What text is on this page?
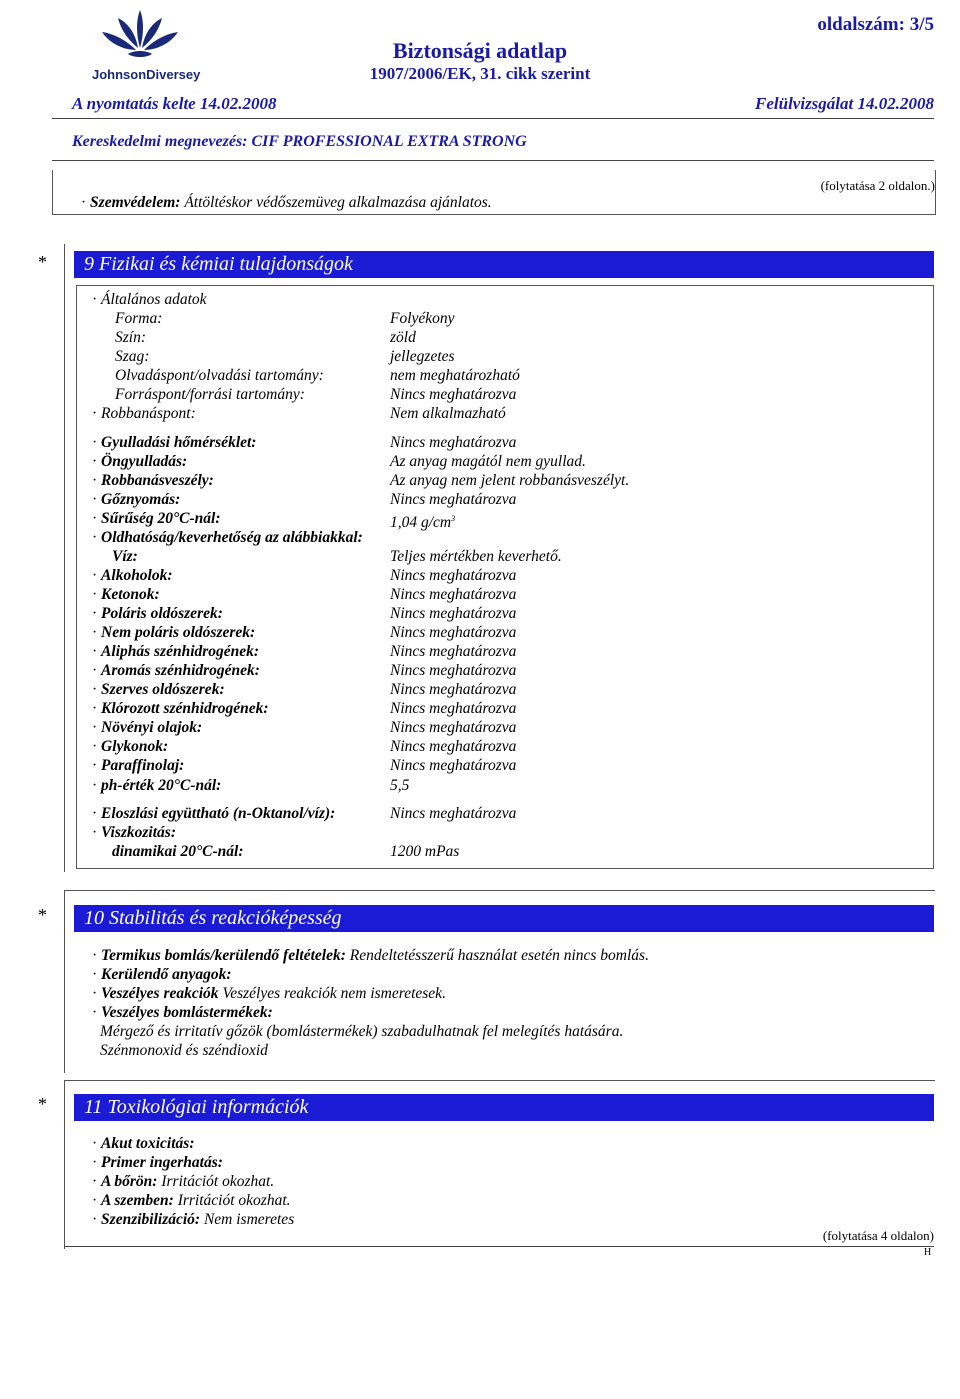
JohnsonDiversey
Biztonsági adatlap
1907/2006/EK, 31. cikk szerint
oldalszám: 3/5
A nyomtatás kelte 14.02.2008	Felülvizsgálat 14.02.2008
Kereskedelmi megnevezés: CIF PROFESSIONAL EXTRA STRONG
· Szemvédelem: Áttöltéskor védőszemüveg alkalmazása ajánlatos.
(folytatása 2 oldalon.)
*	9 Fizikai és kémiai tulajdonságok
· Általános adatok
Forma:	Folyékony
Szín:	zöld
Szag:	jellegzetes
Olvadáspont/olvadási tartomány:	nem meghatározható
Forráspont/forrási tartomány:	Nincs meghatározva
· Robbanáspont:	Nem alkalmazható
· Gyulladási hőmérséklet:	Nincs meghatározva
· Öngyulladás:	Az anyag magától nem gyullad.
· Robbanásveszély:	Az anyag nem jelent robbanásveszélyt.
· Gőznyomás:	Nincs meghatározva
· Sűrűség 20°C-nál:	1,04 $g/cm^3$
· Oldhatóság/keverhetőség az alábbiakkal:
Víz:	Teljes mértékben keverhető.
· Alkoholok:	Nincs meghatározva
· Ketonok:	Nincs meghatározva
· Poláris oldószerek:	Nincs meghatározva
· Nem poláris oldószerek:	Nincs meghatározva
· Aliphás szénhidrogének:	Nincs meghatározva
· Aromás szénhidrogének:	Nincs meghatározva
· Szerves oldószerek:	Nincs meghatározva
· Klórozott szénhidrogének:	Nincs meghatározva
· Növényi olajok:	Nincs meghatározva
· Glykonok:	Nincs meghatározva
· Paraffinolaj:	Nincs meghatározva
· ph-érték 20°C-nál:	5,5
· Eloszlási együttható (n-Oktanol/víz):	Nincs meghatározva
· Viszkozitás:
dinamikai 20°C-nál:	1200 mPas
*	10 Stabilitás és reakcióképesség
· Termikus bomlás/kerülendő feltételek: Rendeltetésszerű használat esetén nincs bomlás.
· Kerülendő anyagok:
· Veszélyes reakciók Veszélyes reakciók nem ismeretesek.
· Veszélyes bomlástermékek:
Mérgező és irritatív gőzök (bomlástermékek) szabadulhatnak fel melegítés hatására.
Szénmonoxid és széndioxid
*	11 Toxikológiai információk
· Akut toxicitás:
· Primer ingerhatás:
· A bőrön: Irritációt okozhat.
· A szemben: Irritációt okozhat.
· Szenzibilizáció: Nem ismeretes
(folytatása 4 oldalon)
H
